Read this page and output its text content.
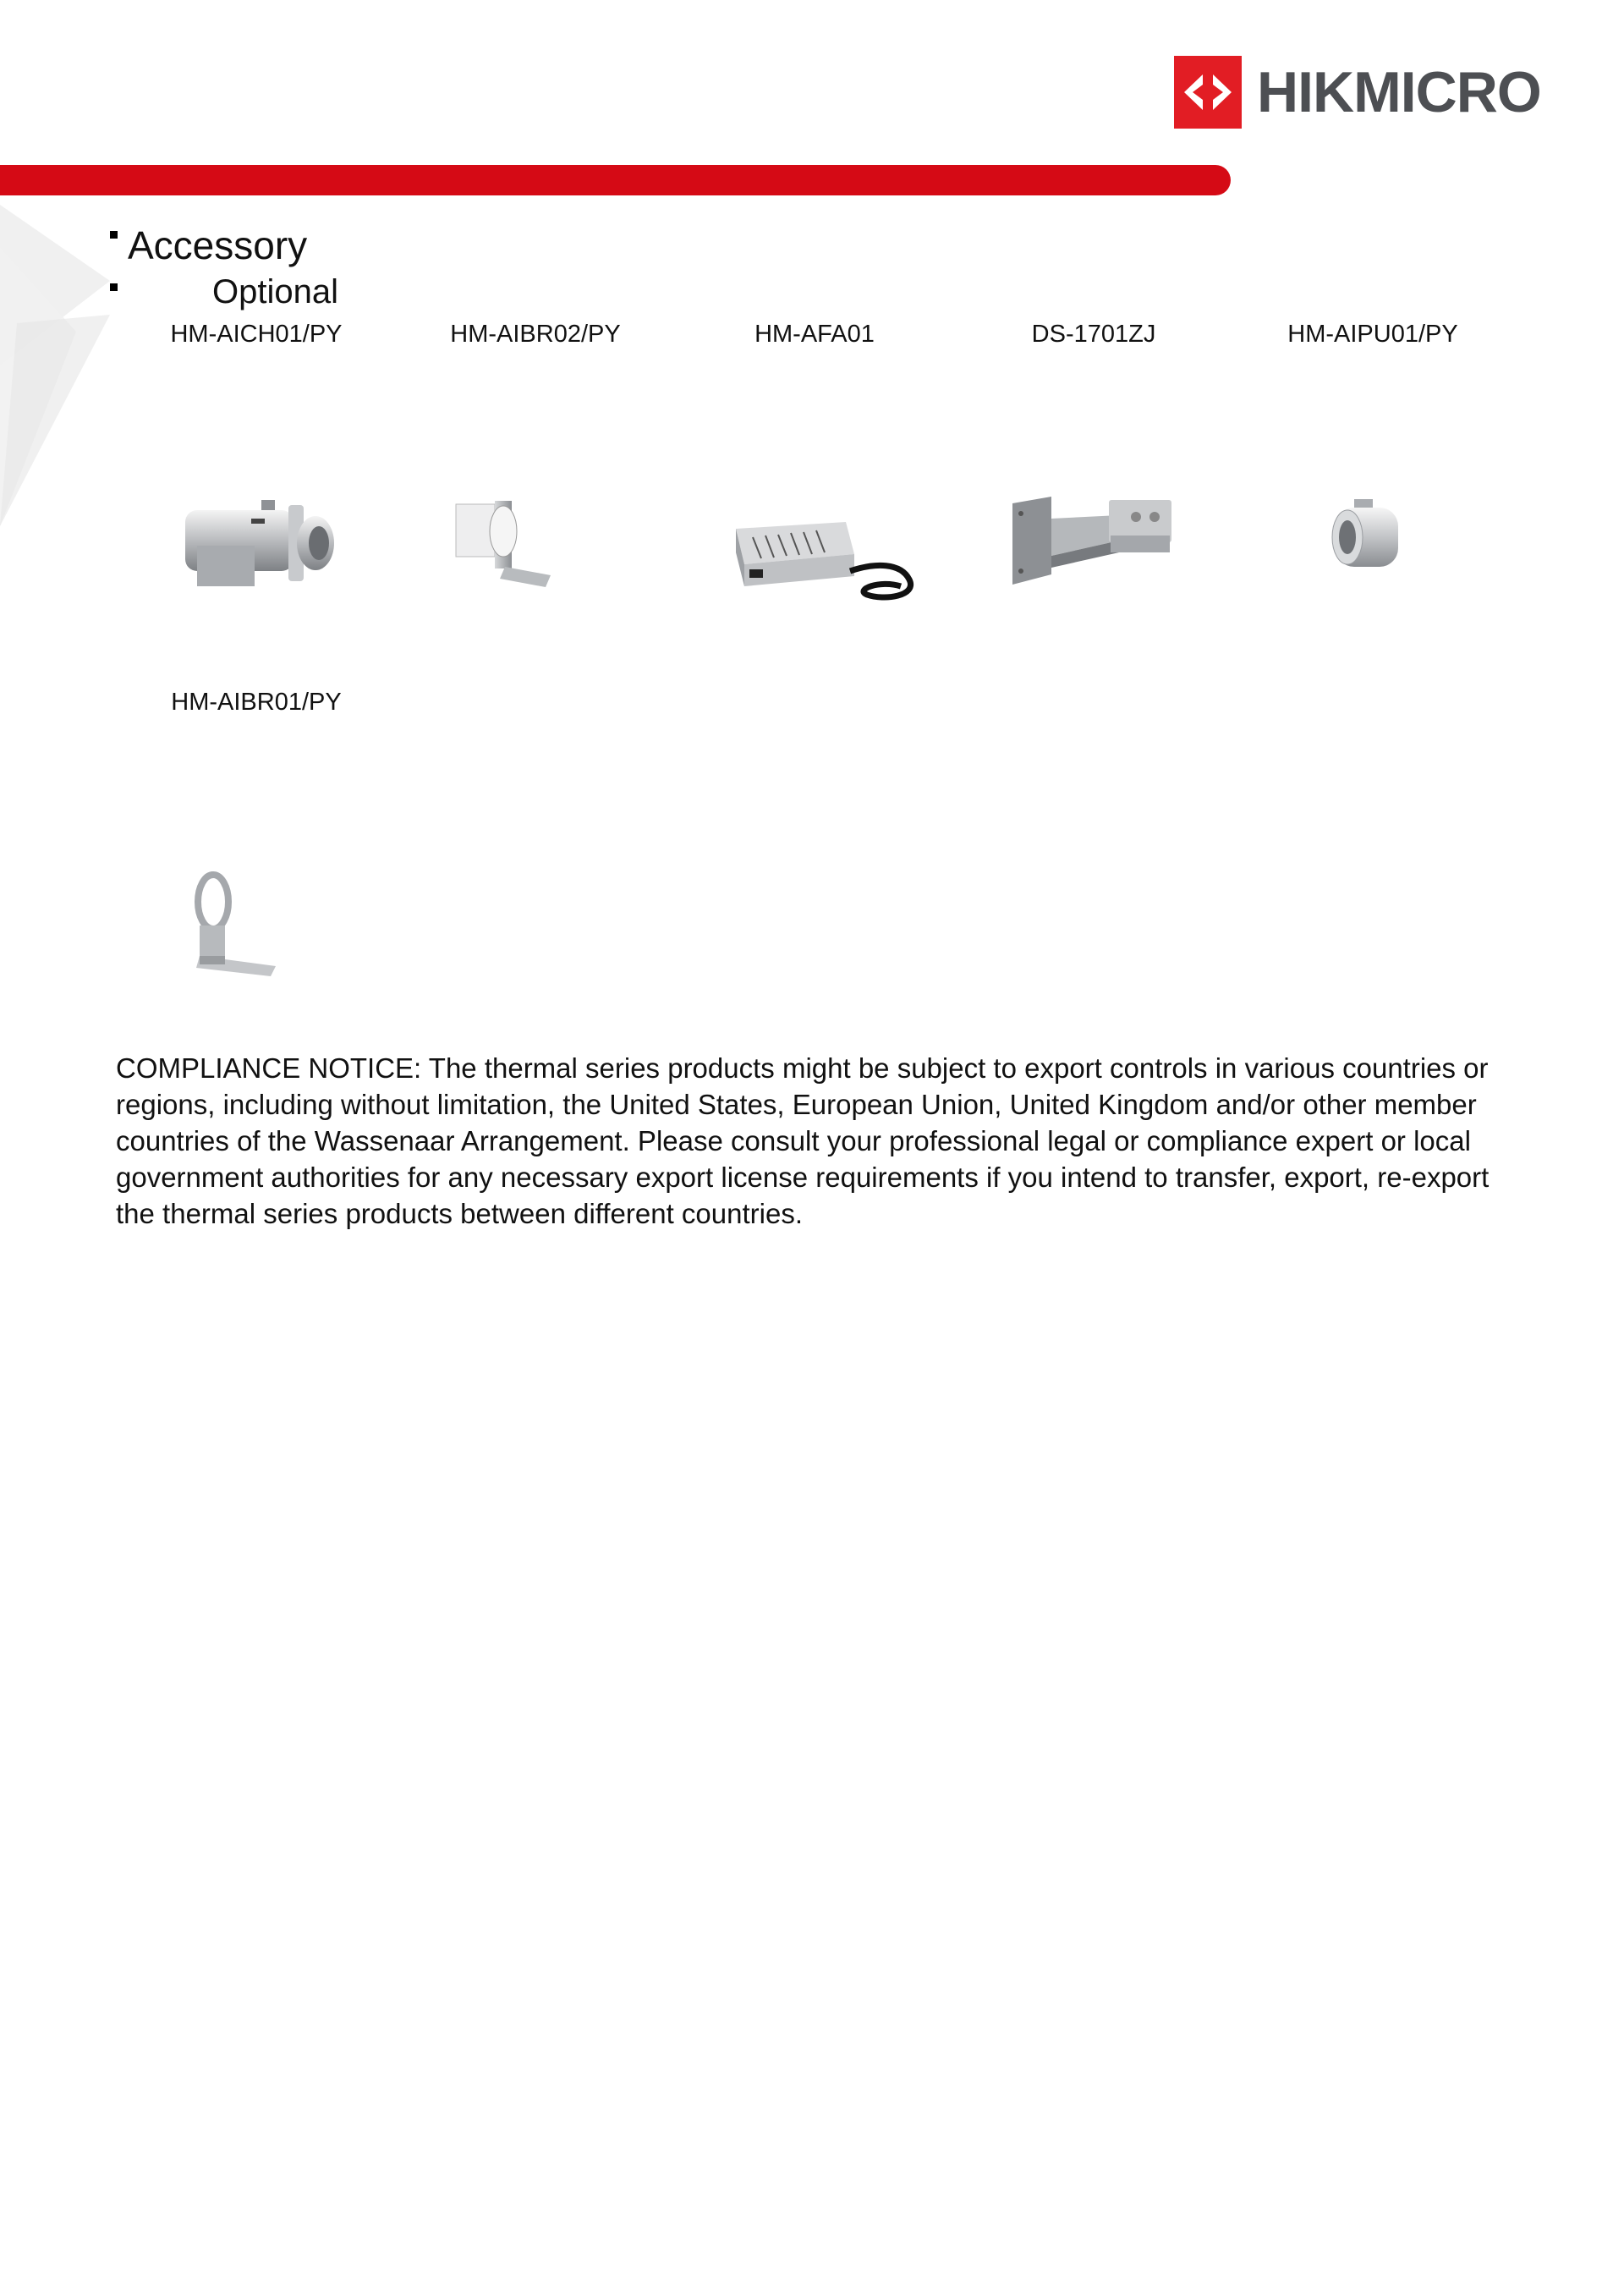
HIKMICRO
Accessory
Optional
HM-AICH01/PY	HM-AIBR02/PY	HM-AFA01	DS-1701ZJ	HM-AIPU01/PY
HM-AIBR01/PY
COMPLIANCE NOTICE: The thermal series products might be subject to export controls in various countries or regions, including without limitation, the United States, European Union, United Kingdom and/or other member countries of the Wassenaar Arrangement. Please consult your professional legal or compliance expert or local government authorities for any necessary export license requirements if you intend to transfer, export, re-export the thermal series products between different countries.
